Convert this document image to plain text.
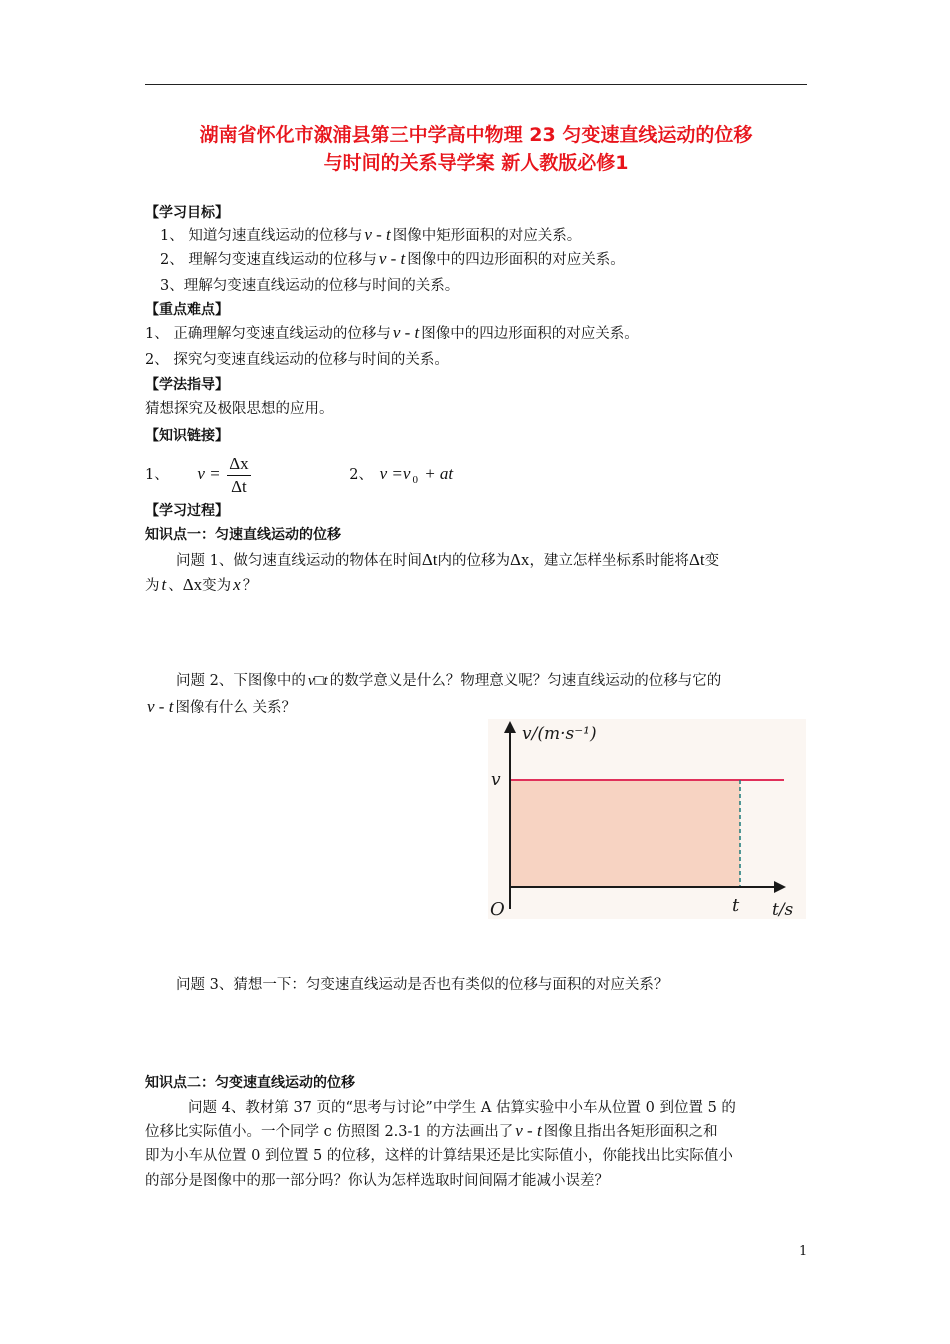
湖南省怀化市溆浦县第三中学高中物理 23 匀变速直线运动的位移
与时间的关系导学案 新人教版必修1
【学习目标】
1、 知道匀速直线运动的位移与 v - t 图像中矩形面积的对应关系。
2、 理解匀变速直线运动的位移与 v - t 图像中的四边形面积的对应关系。
3、理解匀变速直线运动的位移与时间的关系。
【重点难点】
1、 正确理解匀变速直线运动的位移与 v - t 图像中的四边形面积的对应关系。
2、 探究匀变速直线运动的位移与时间的关系。
【学法指导】
猜想探究及极限思想的应用。
【知识链接】
1、 $v = \frac{\Delta x}{\Delta t}$	2、 v =v $_0$ + at
【学习过程】
知识点一：匀速直线运动的位移
问题 1、做匀速直线运动的物体在时间Δt内的位移为Δx，建立怎样坐标系时能将Δt变
为 t 、Δx变为 x ？
问题 2、下图像中的 v□t 的数学意义是什么？物理意义呢？匀速直线运动的位移与它的
v - t 图像有什么 关系？
v/(m·s⁻¹)
v
O	t t/s
问题 3、猜想一下：匀变速直线运动是否也有类似的位移与面积的对应关系？
知识点二：匀变速直线运动的位移
问题 4、教材第 37 页的“思考与讨论”中学生 A 估算实验中小车从位置 0 到位置 5 的
位移比实际值小。一个同学 c 仿照图 2.3-1 的方法画出了 v - t 图像且指出各矩形面积之和
即为小车从位置 0 到位置 5 的位移，这样的计算结果还是比实际值小，你能找出比实际值小
的部分是图像中的那一部分吗？你认为怎样选取时间间隔才能减小误差？
1
